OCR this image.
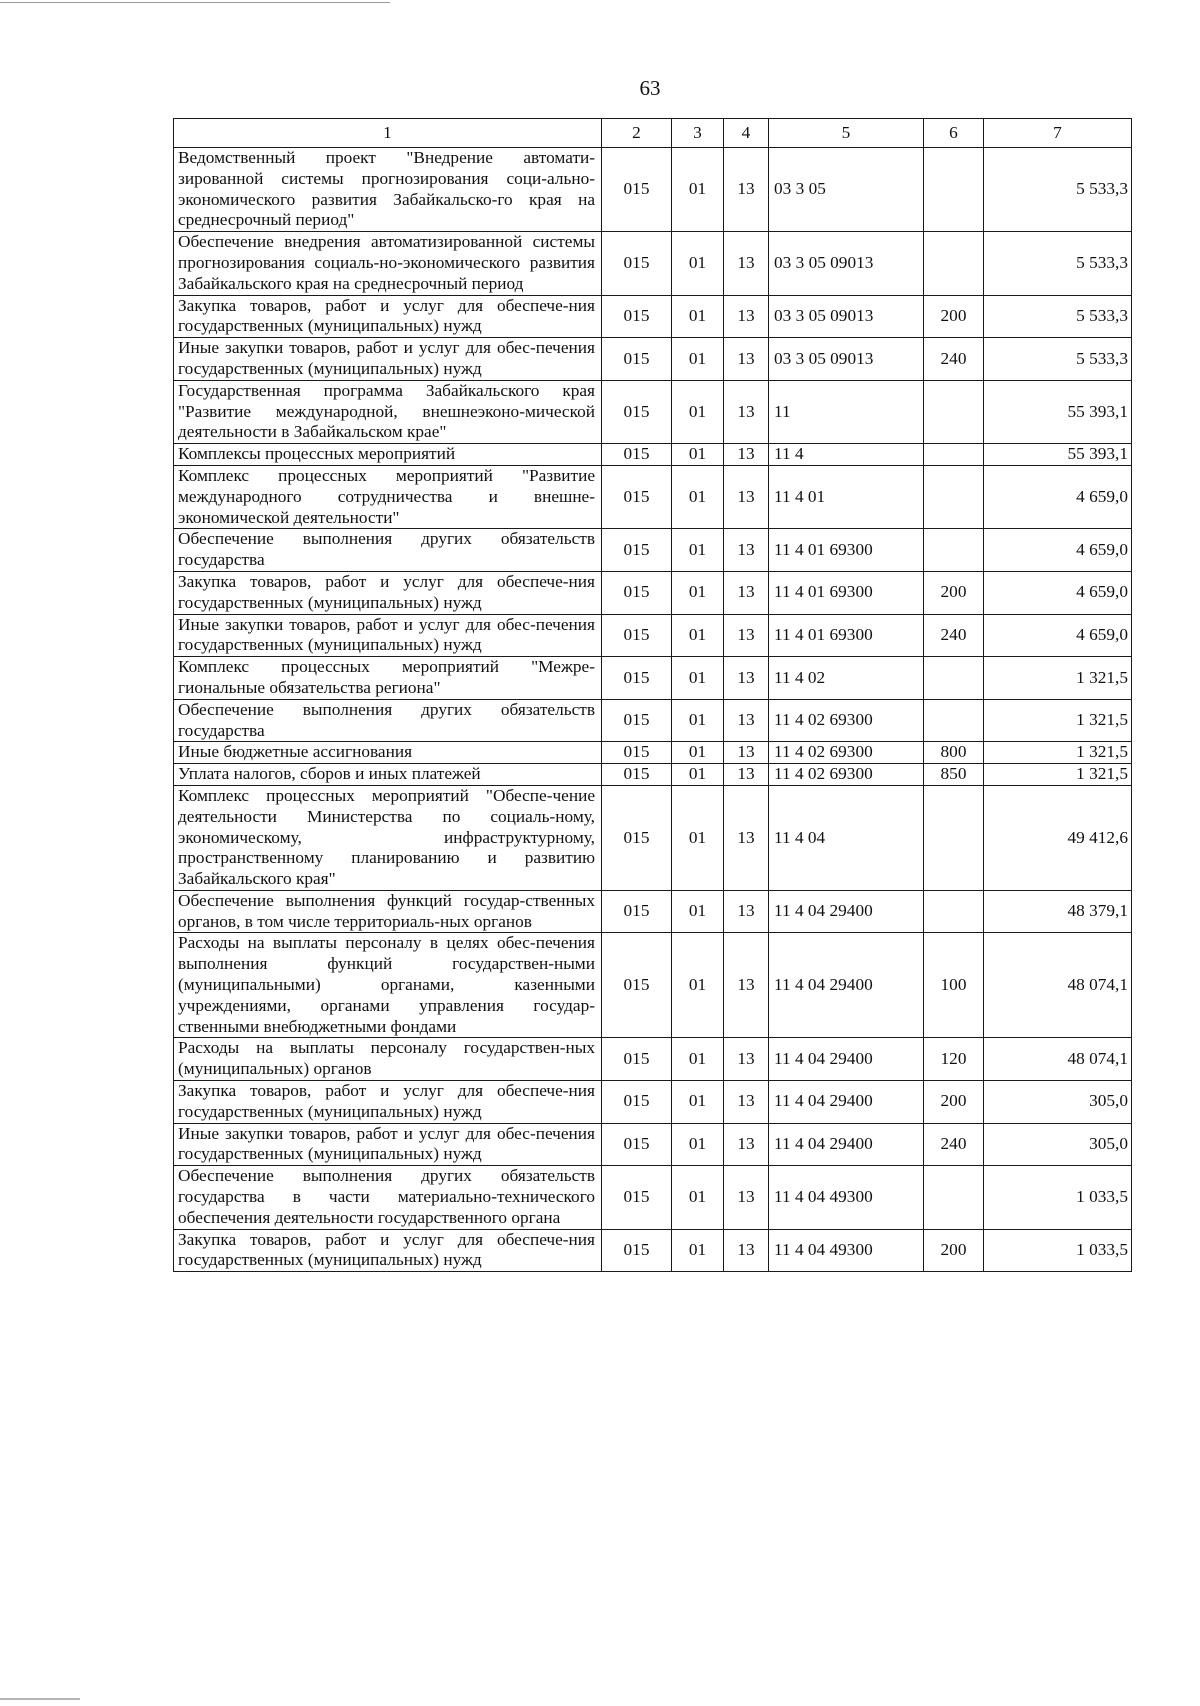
63
1	2	3	4	5	6	7
Ведомственный проект "Внедрение автомати-зированной системы прогнозирования соци-ально-экономического развития Забайкальско-го края на среднесрочный период"	015	01	13	03 3 05		5 533,3
Обеспечение внедрения автоматизированной системы прогнозирования социаль-но-экономического развития Забайкальского края на среднесрочный период	015	01	13	03 3 05 09013		5 533,3
Закупка товаров, работ и услуг для обеспече-ния государственных (муниципальных) нужд	015	01	13	03 3 05 09013	200	5 533,3
Иные закупки товаров, работ и услуг для обес-печения государственных (муниципальных) нужд	015	01	13	03 3 05 09013	240	5 533,3
Государственная программа Забайкальского края "Развитие международной, внешнеэконо-мической деятельности в Забайкальском крае"	015	01	13	11		55 393,1
Комплексы процессных мероприятий	015	01	13	11 4		55 393,1
Комплекс процессных мероприятий "Развитие международного сотрудничества и внешне-экономической деятельности"	015	01	13	11 4 01		4 659,0
Обеспечение выполнения других обязательств государства	015	01	13	11 4 01 69300		4 659,0
Закупка товаров, работ и услуг для обеспече-ния государственных (муниципальных) нужд	015	01	13	11 4 01 69300	200	4 659,0
Иные закупки товаров, работ и услуг для обес-печения государственных (муниципальных) нужд	015	01	13	11 4 01 69300	240	4 659,0
Комплекс процессных мероприятий "Межре-гиональные обязательства региона"	015	01	13	11 4 02		1 321,5
Обеспечение выполнения других обязательств государства	015	01	13	11 4 02 69300		1 321,5
Иные бюджетные ассигнования	015	01	13	11 4 02 69300	800	1 321,5
Уплата налогов, сборов и иных платежей	015	01	13	11 4 02 69300	850	1 321,5
Комплекс процессных мероприятий "Обеспе-чение деятельности Министерства по социаль-ному, экономическому, инфраструктурному, пространственному планированию и развитию Забайкальского края"	015	01	13	11 4 04		49 412,6
Обеспечение выполнения функций государ-ственных органов, в том числе территориаль-ных органов	015	01	13	11 4 04 29400		48 379,1
Расходы на выплаты персоналу в целях обес-печения выполнения функций государствен-ными (муниципальными) органами, казенными учреждениями, органами управления государ-ственными внебюджетными фондами	015	01	13	11 4 04 29400	100	48 074,1
Расходы на выплаты персоналу государствен-ных (муниципальных) органов	015	01	13	11 4 04 29400	120	48 074,1
Закупка товаров, работ и услуг для обеспече-ния государственных (муниципальных) нужд	015	01	13	11 4 04 29400	200	305,0
Иные закупки товаров, работ и услуг для обес-печения государственных (муниципальных) нужд	015	01	13	11 4 04 29400	240	305,0
Обеспечение выполнения других обязательств государства в части материально-технического обеспечения деятельности государственного органа	015	01	13	11 4 04 49300		1 033,5
Закупка товаров, работ и услуг для обеспече-ния государственных (муниципальных) нужд	015	01	13	11 4 04 49300	200	1 033,5
